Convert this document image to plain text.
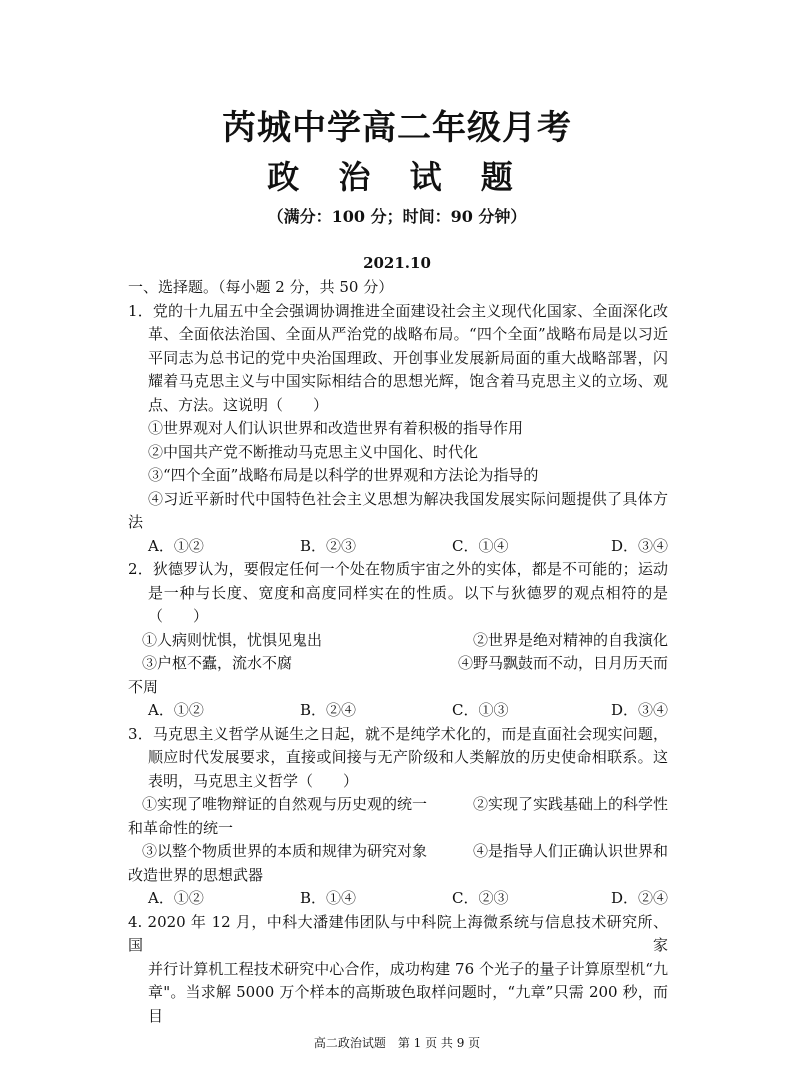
芮城中学高二年级月考
政 治 试 题
（满分：100 分；时间：90 分钟）
2021.10
一、选择题。（每小题 2 分，共 50 分）
1．党的十九届五中全会强调协调推进全面建设社会主义现代化国家、全面深化改
革、全面依法治国、全面从严治党的战略布局。“四个全面”战略布局是以习近
平同志为总书记的党中央治国理政、开创事业发展新局面的重大战略部署，闪
耀着马克思主义与中国实际相结合的思想光辉，饱含着马克思主义的立场、观
点、方法。这说明（　　）
①世界观对人们认识世界和改造世界有着积极的指导作用
②中国共产党不断推动马克思主义中国化、时代化
③“四个全面”战略布局是以科学的世界观和方法论为指导的
④习近平新时代中国特色社会主义思想为解决我国发展实际问题提供了具体方
法
A．①②	B．②③	C．①④	D．③④
2．狄德罗认为，要假定任何一个处在物质宇宙之外的实体，都是不可能的；运动
是一种与长度、宽度和高度同样实在的性质。以下与狄德罗的观点相符的是
（　　）
①人病则忧惧，忧惧见鬼出	②世界是绝对精神的自我演化
③户枢不蠹，流水不腐	④野马飘鼓而不动，日月历天而
不周
A．①②	B．②④	C．①③	D．③④
3．马克思主义哲学从诞生之日起，就不是纯学术化的，而是直面社会现实问题，
顺应时代发展要求，直接或间接与无产阶级和人类解放的历史使命相联系。这
表明，马克思主义哲学（　　）
①实现了唯物辩证的自然观与历史观的统一	②实现了实践基础上的科学性
和革命性的统一
③以整个物质世界的本质和规律为研究对象	④是指导人们正确认识世界和
改造世界的思想武器
A．①②	B．①④	C．②③	D．②④
4. 2020 年 12 月，中科大潘建伟团队与中科院上海微系统与信息技术研究所、国家
并行计算机工程技术研究中心合作，成功构建 76 个光子的量子计算原型机“九
章"。当求解 5000 万个样本的高斯玻色取样问题时，“九章”只需 200 秒，而目
高二政治试题　第 1 页 共 9 页
